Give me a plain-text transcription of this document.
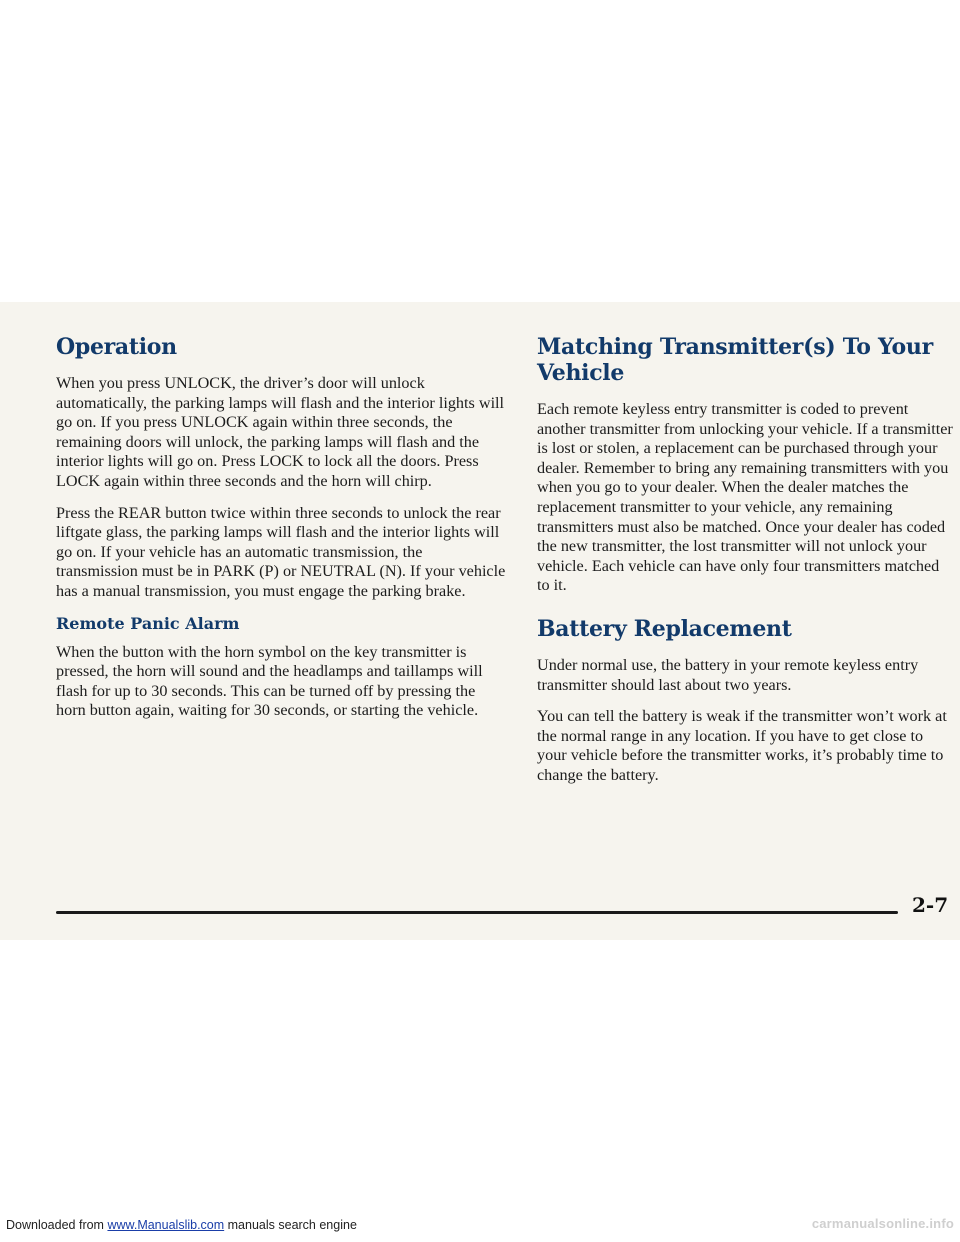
Operation

When you press UNLOCK, the driver’s door will unlock automatically, the parking lamps will flash and the interior lights will go on. If you press UNLOCK again within three seconds, the remaining doors will unlock, the parking lamps will flash and the interior lights will go on. Press LOCK to lock all the doors. Press LOCK again within three seconds and the horn will chirp.

Press the REAR button twice within three seconds to unlock the rear liftgate glass, the parking lamps will flash and the interior lights will go on. If your vehicle has an automatic transmission, the transmission must be in PARK (P) or NEUTRAL (N). If your vehicle has a manual transmission, you must engage the parking brake.

Remote Panic Alarm

When the button with the horn symbol on the key transmitter is pressed, the horn will sound and the headlamps and taillamps will flash for up to 30 seconds. This can be turned off by pressing the horn button again, waiting for 30 seconds, or starting the vehicle.

Matching Transmitter(s) To Your Vehicle

Each remote keyless entry transmitter is coded to prevent another transmitter from unlocking your vehicle. If a transmitter is lost or stolen, a replacement can be purchased through your dealer. Remember to bring any remaining transmitters with you when you go to your dealer. When the dealer matches the replacement transmitter to your vehicle, any remaining transmitters must also be matched. Once your dealer has coded the new transmitter, the lost transmitter will not unlock your vehicle. Each vehicle can have only four transmitters matched to it.

Battery Replacement

Under normal use, the battery in your remote keyless entry transmitter should last about two years.

You can tell the battery is weak if the transmitter won’t work at the normal range in any location. If you have to get close to your vehicle before the transmitter works, it’s probably time to change the battery.

2-7
Downloaded from www.Manualslib.com manuals search engine	carmanualsonline.info
